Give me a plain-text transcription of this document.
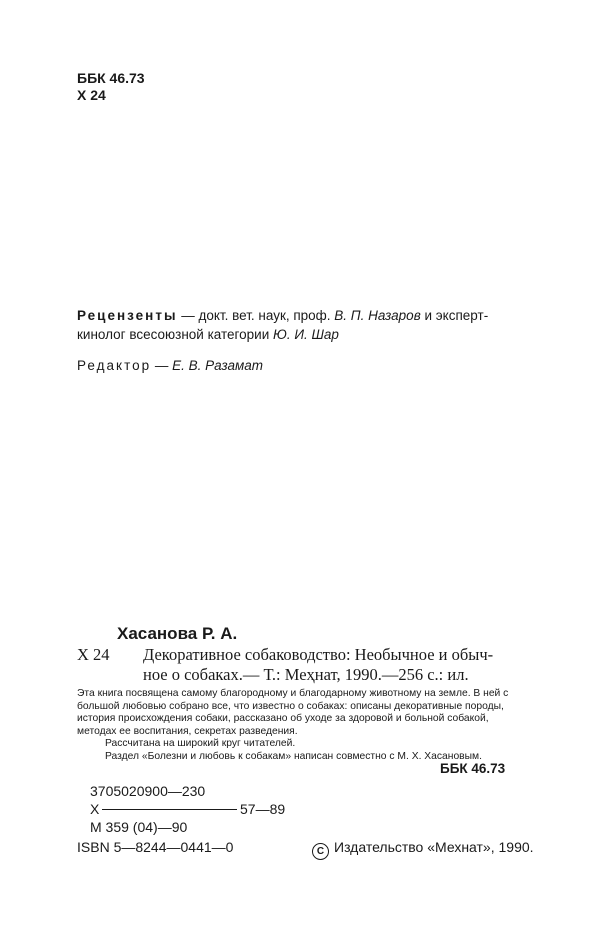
ББК 46.73
Х 24
Рецензенты — докт. вет. наук, проф. В. П. Назаров и эксперт-
кинолог всесоюзной категории Ю. И. Шар
Редактор — Е. В. Разамат
Хасанова Р. А.
Х 24 Декоративное собаководство: Необычное и обыч-
ное о собаках.— Т.: Меҳнат, 1990.—256 с.: ил.
Эта книга посвящена самому благородному и благодарному животному на земле. В ней с большой любовью собрано все, что известно о собаках: описаны декоративные породы, история происхождения собаки, рассказано об уходе за здоровой и больной собакой, методах ее воспитания, секретах разведения.
Рассчитана на широкий круг читателей.
Раздел «Болезни и любовь к собакам» написан совместно с М. Х. Хасановым.
ББК 46.73
3705020900—230
Х	57—89
М 359 (04)—90
ISBN 5—8244—0441—0	C Издательство «Мехнат», 1990.
